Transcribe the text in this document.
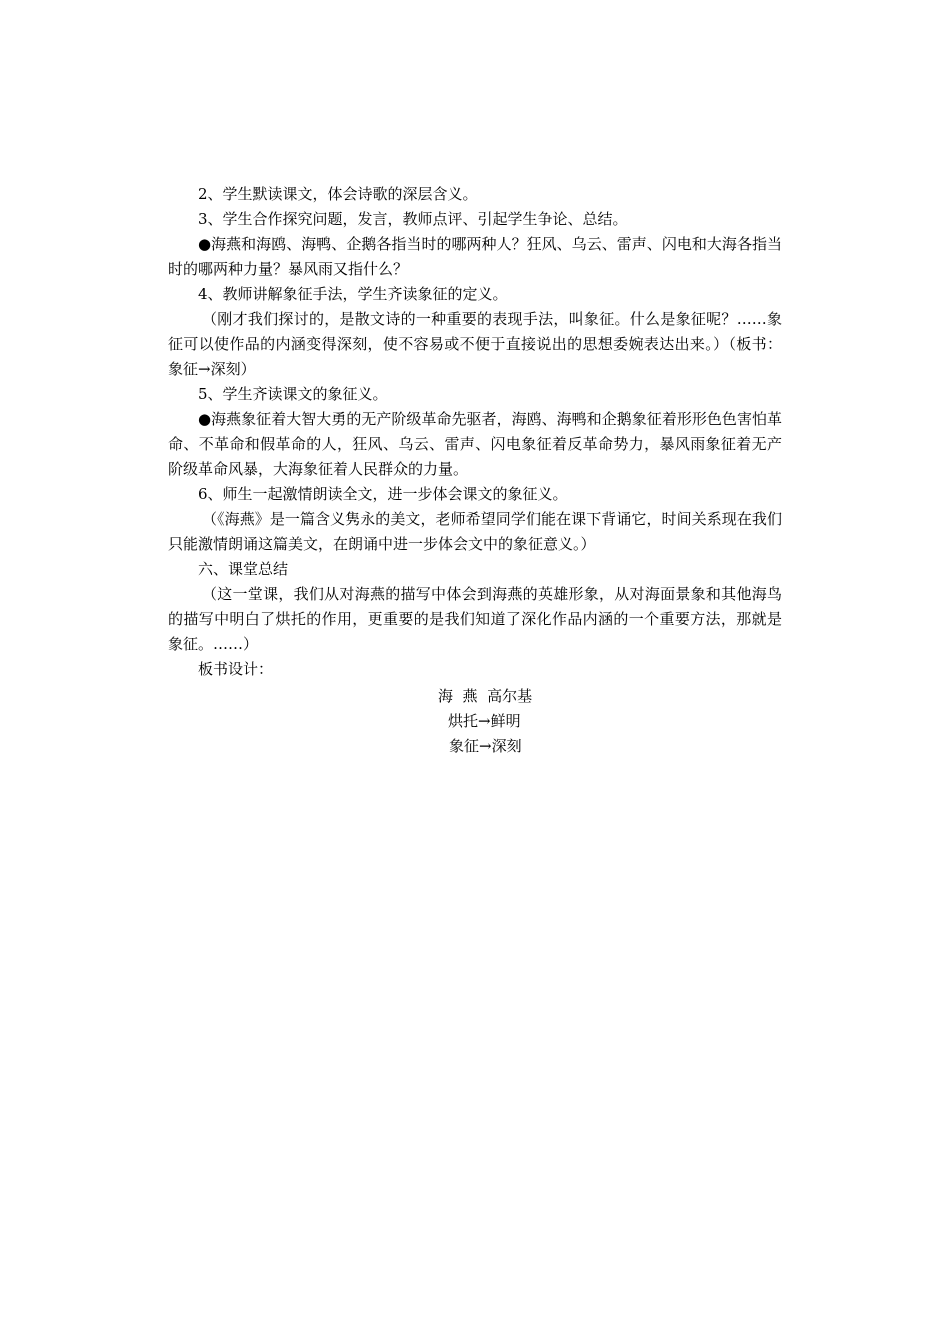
2、学生默读课文，体会诗歌的深层含义。

3、学生合作探究问题，发言，教师点评、引起学生争论、总结。

●海燕和海鸥、海鸭、企鹅各指当时的哪两种人？狂风、乌云、雷声、闪电和大海各指当时的哪两种力量？暴风雨又指什么？

4、教师讲解象征手法，学生齐读象征的定义。

（刚才我们探讨的，是散文诗的一种重要的表现手法，叫象征。什么是象征呢？……象征可以使作品的内涵变得深刻，使不容易或不便于直接说出的思想委婉表达出来。）（板书：象征→深刻）

5、学生齐读课文的象征义。

●海燕象征着大智大勇的无产阶级革命先驱者，海鸥、海鸭和企鹅象征着形形色色害怕革命、不革命和假革命的人，狂风、乌云、雷声、闪电象征着反革命势力，暴风雨象征着无产阶级革命风暴，大海象征着人民群众的力量。

6、师生一起激情朗读全文，进一步体会课文的象征义。

（《海燕》是一篇含义隽永的美文，老师希望同学们能在课下背诵它，时间关系现在我们只能激情朗诵这篇美文，在朗诵中进一步体会文中的象征意义。）

六、课堂总结

（这一堂课，我们从对海燕的描写中体会到海燕的英雄形象，从对海面景象和其他海鸟的描写中明白了烘托的作用，更重要的是我们知道了深化作品内涵的一个重要方法，那就是象征。……）

板书设计：

海  燕  高尔基

烘托→鲜明

象征→深刻
